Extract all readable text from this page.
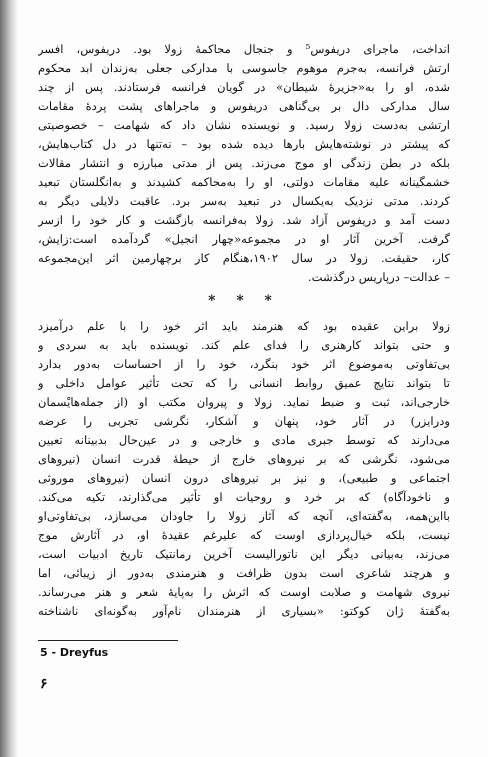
انداخت، ماجرای دریفوس⁵ و جنجال محاکمهٔ زولا بود. دریفوس، افسر
ارتش فرانسه، به‌جرم موهوم جاسوسی با مدارکی جعلی به‌زندان ابد محکوم
شده، او را به«جزیرهٔ شیطان» در گویان فرانسه فرستادند. پس از چند
سال مدارکی دال بر بی‌گناهی دریفوس و ماجراهای پشت پردهٔ مقامات
ارتشی به‌دست زولا رسید. و نویسنده نشان داد که شهامت – خصوصیتی
که پیشتر در نوشته‌هایش بارها دیده شده بود – نه‌تنها در دل کتاب‌هایش،
بلکه در بطن زندگی او موج می‌زند. پس از مدتی مبارزه و انتشار مقالات
خشمگینانه علیه مقامات دولتی، او را به‌محاکمه کشیدند و به‌انگلستان تبعید
کردند. مدتی نزدیک به‌یکسال در تبعید به‌سر برد. عاقبت دلایلی دیگر به
دست آمد و دریفوس آزاد شد. زولا به‌فرانسه بازگشت و کار خود را ازسر
گرفت. آخرین آثار او در مجموعه«چهار انجیل» گردآمده است:زایش،
کار، حقیقت. زولا در سال ۱۹۰۲،هنگام کار برچهارمین اثر این‌مجموعه
– عدالت– درپاریس درگذشت.
* * *
زولا براین عقیده بود که هنرمند باید اثر خود را با علم درآمیزد
و حتی بتواند کارهنری را فدای علم کند. نویسنده باید به سردی و
بی‌تفاوتی به‌موضوع اثر خود بنگرد، خود را از احساسات به‌دور بدارد
تا بتواند نتایج عمیق روابط انسانی را که تحت تأثیر عوامل داخلی و
خارجی‌اند، ثبت و ضبط نماید. زولا و پیروان مکتب او (از جمله‌هایْسمان
ودرایزر) در آثار خود، پنهان و آشکار، نگرشی تجربی را عرضه
می‌دارند که توسط جبری مادی و خارجی و در عین‌حال بدبینانه تعیین
می‌شود، نگرشی که بر نیروهای خارج از حیطهٔ قدرت انسان (نیروهای
اجتماعی و طبیعی)، و نیز بر نیروهای درون انسان (نیروهای موروثی
و ناخودآگاه) که بر خرد و روحیات او تأثیر می‌گذارند، تکیه می‌کند.
بااین‌همه، به‌گفته‌ای، آنچه که آثار زولا را جاودان می‌سازد، بی‌تفاوتی‌او
نیست، بلکه خیال‌پردازی اوست که علیرغم عقیدهٔ او، در آثارش موج
می‌زند، به‌بیانی دیگر این ناتورالیست آخرین رمانتیک تاریخ ادبیات است،
و هرچند شاعری است بدون ظرافت و هنرمندی به‌دور از زیبائی، اما
نیروی شهامت و صلابت اوست که اثرش را به‌پایهٔ شعر و هنر می‌رساند.
به‌گفتهٔ ژان کوکتو: «بسیاری از هنرمندان نام‌آور به‌گونه‌ای ناشناخته
5 - Dreyfus
۶
